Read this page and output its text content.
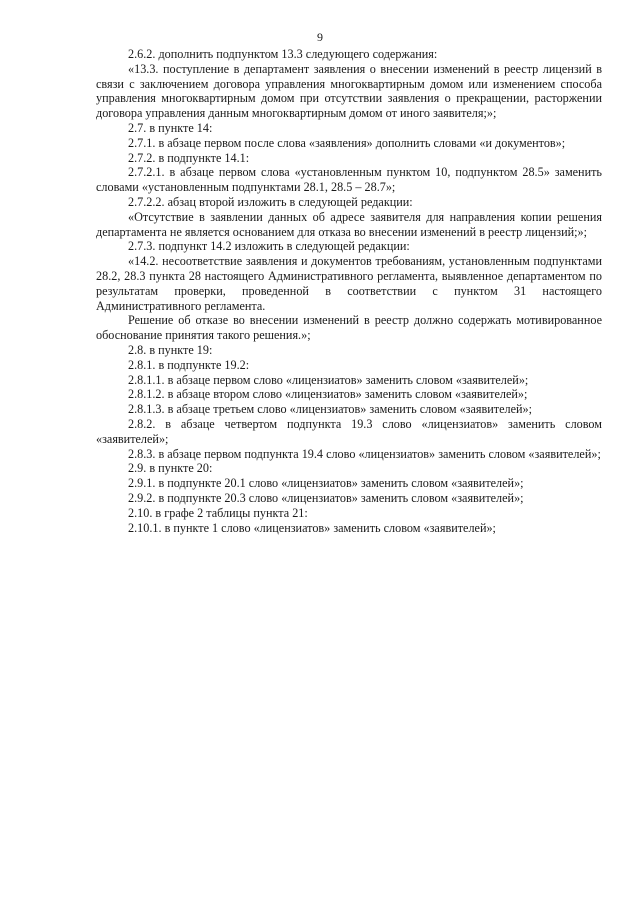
9

2.6.2. дополнить подпунктом 13.3 следующего содержания:

«13.3. поступление в департамент заявления о внесении изменений в реестр лицензий в связи с заключением договора управления многоквартирным домом или изменением способа управления многоквартирным домом при отсутствии заявления о прекращении, расторжении договора управления данным многоквартирным домом от иного заявителя;»;

2.7. в пункте 14:

2.7.1. в абзаце первом после слова «заявления» дополнить словами «и документов»;

2.7.2. в подпункте 14.1:

2.7.2.1. в абзаце первом слова «установленным пунктом 10, подпунктом 28.5» заменить словами «установленным подпунктами 28.1, 28.5 – 28.7»;

2.7.2.2. абзац второй изложить в следующей редакции:

«Отсутствие в заявлении данных об адресе заявителя для направления копии решения департамента не является основанием для отказа во внесении изменений в реестр лицензий;»;

2.7.3. подпункт 14.2 изложить в следующей редакции:

«14.2. несоответствие заявления и документов требованиям, установленным подпунктами 28.2, 28.3 пункта 28 настоящего Административного регламента, выявленное департаментом по результатам проверки, проведенной в соответствии с пунктом 31 настоящего Административного регламента.

Решение об отказе во внесении изменений в реестр должно содержать мотивированное обоснование принятия такого решения.»;

2.8. в пункте 19:

2.8.1. в подпункте 19.2:

2.8.1.1. в абзаце первом слово «лицензиатов» заменить словом «заявителей»;

2.8.1.2. в абзаце втором слово «лицензиатов» заменить словом «заявителей»;

2.8.1.3. в абзаце третьем слово «лицензиатов» заменить словом «заявителей»;

2.8.2. в абзаце четвертом подпункта 19.3 слово «лицензиатов» заменить словом «заявителей»;

2.8.3. в абзаце первом подпункта 19.4 слово «лицензиатов» заменить словом «заявителей»;

2.9. в пункте 20:

2.9.1. в подпункте 20.1 слово «лицензиатов» заменить словом «заявителей»;

2.9.2. в подпункте 20.3 слово «лицензиатов» заменить словом «заявителей»;

2.10. в графе 2 таблицы пункта 21:

2.10.1. в пункте 1 слово «лицензиатов» заменить словом «заявителей»;
